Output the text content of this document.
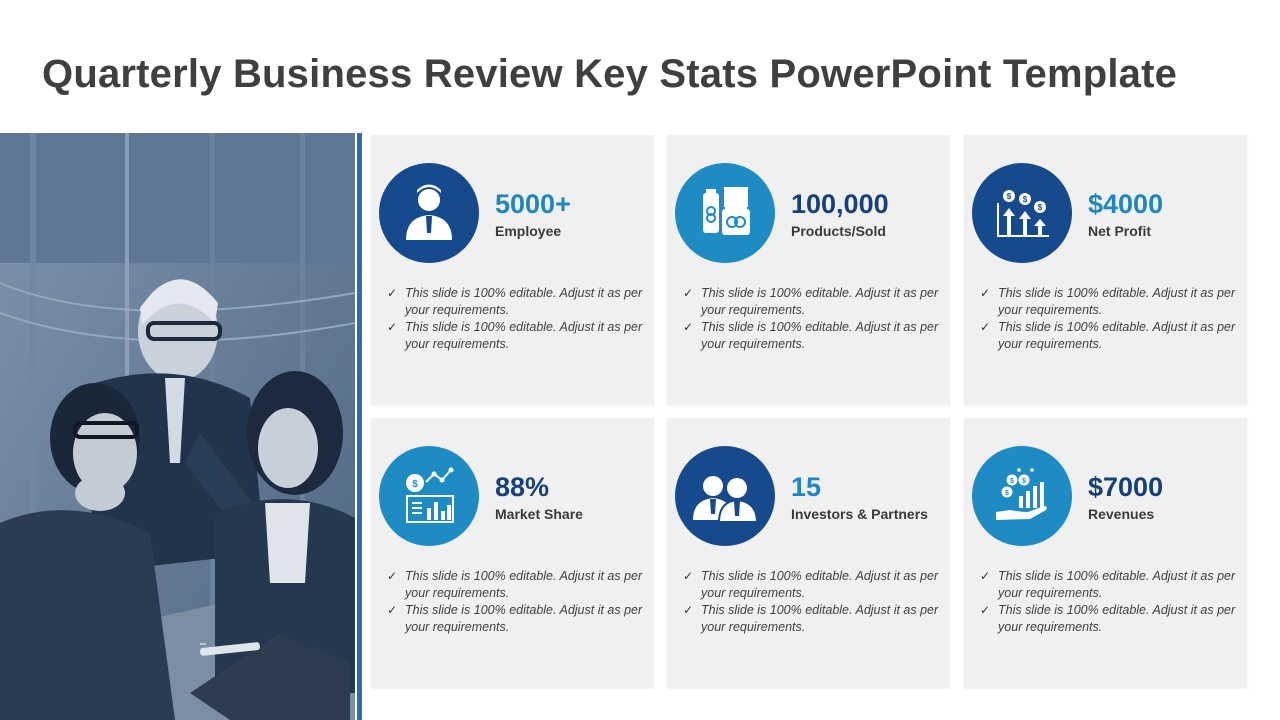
Quarterly Business Review Key Stats PowerPoint Template
5000+
Employee
✓ This slide is 100% editable. Adjust it as per your requirements.
✓ This slide is 100% editable. Adjust it as per your requirements.
100,000
Products/Sold
✓ This slide is 100% editable. Adjust it as per your requirements.
✓ This slide is 100% editable. Adjust it as per your requirements.
$ $
$ $4000
Net Profit
✓ This slide is 100% editable. Adjust it as per your requirements.
✓ This slide is 100% editable. Adjust it as per your requirements.
$	88%
Market Share
✓ This slide is 100% editable. Adjust it as per your requirements.
✓ This slide is 100% editable. Adjust it as per your requirements.
15
Investors & Partners
✓ This slide is 100% editable. Adjust it as per your requirements.
✓ This slide is 100% editable. Adjust it as per your requirements.
$ $
$	$7000
Revenues
✓ This slide is 100% editable. Adjust it as per your requirements.
✓ This slide is 100% editable. Adjust it as per your requirements.
